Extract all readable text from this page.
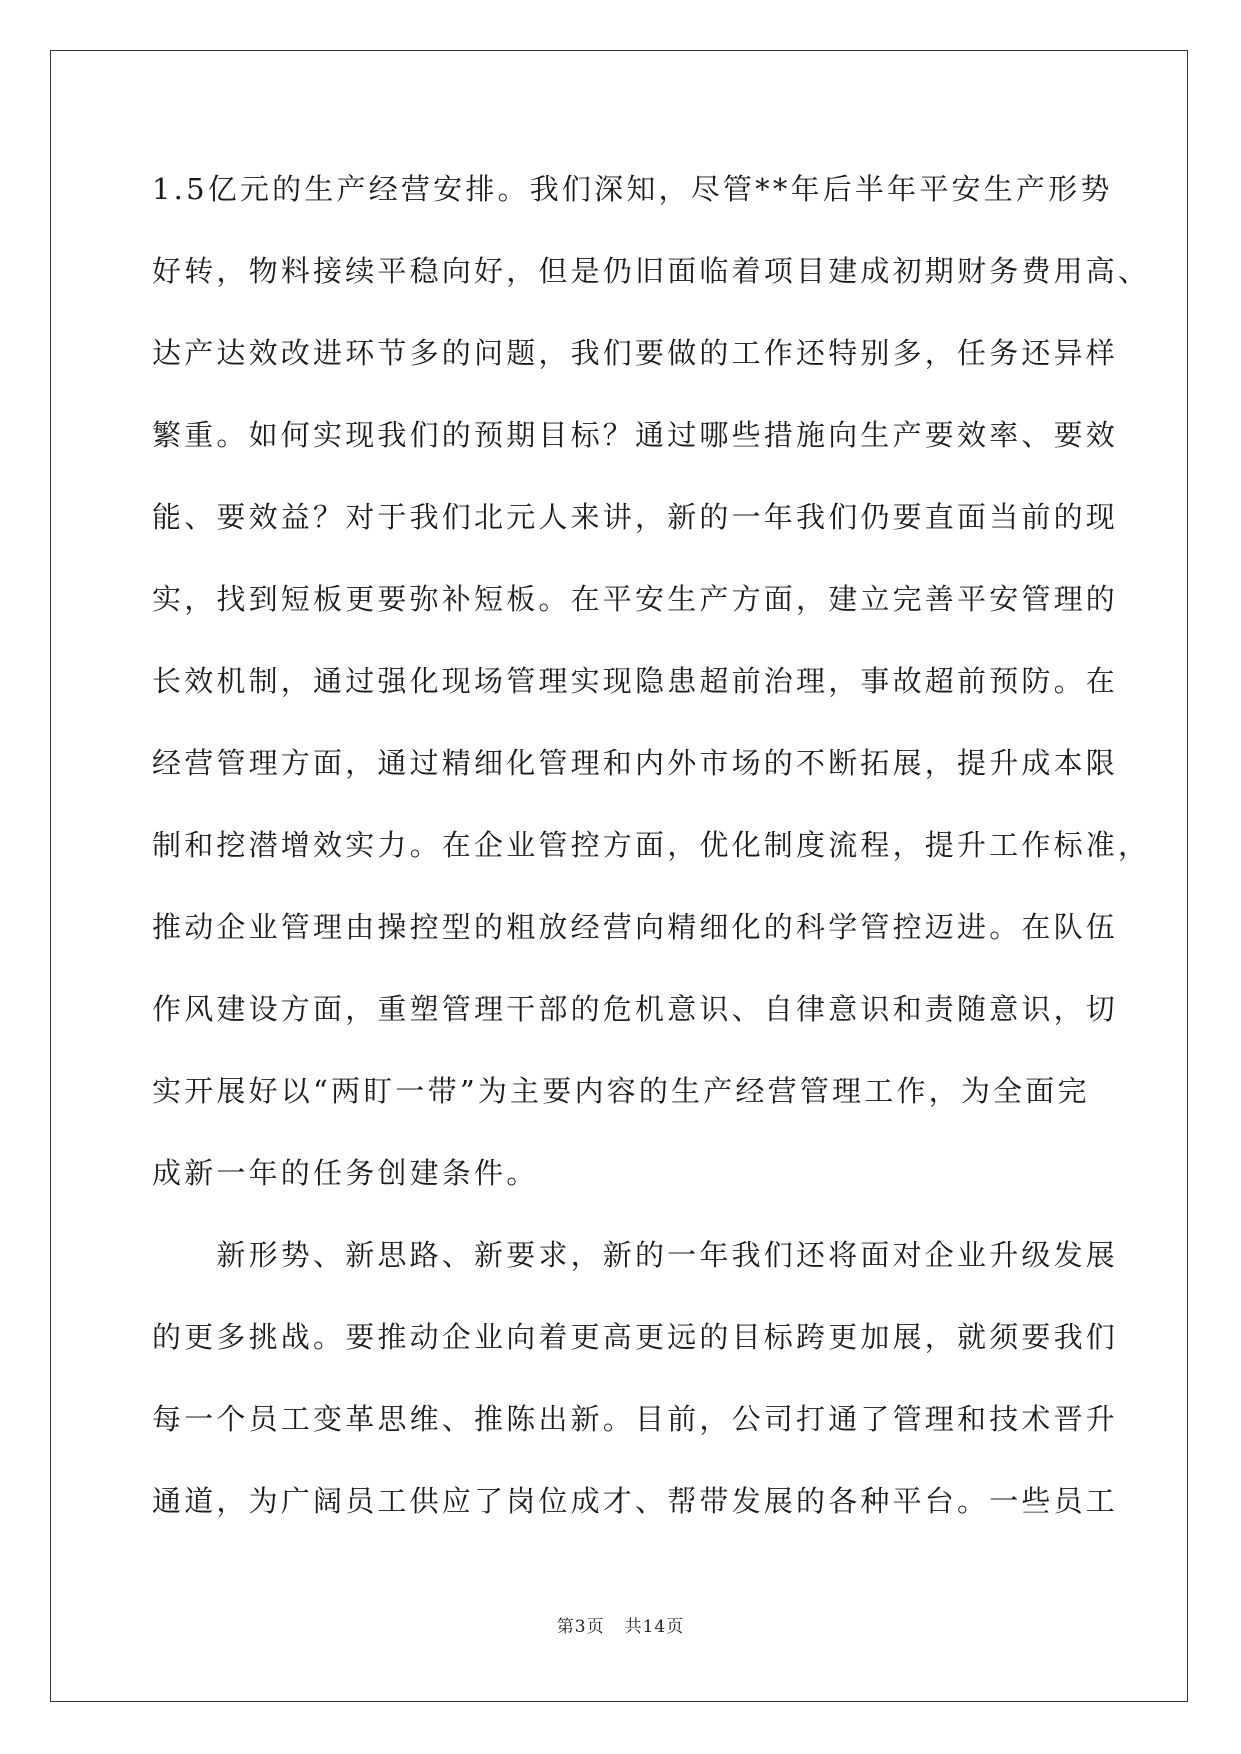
1.5亿元的生产经营安排。我们深知，尽管**年后半年平安生产形势
好转，物料接续平稳向好，但是仍旧面临着项目建成初期财务费用高、
达产达效改进环节多的问题，我们要做的工作还特别多，任务还异样
繁重。如何实现我们的预期目标？通过哪些措施向生产要效率、要效
能、要效益？对于我们北元人来讲，新的一年我们仍要直面当前的现
实，找到短板更要弥补短板。在平安生产方面，建立完善平安管理的
长效机制，通过强化现场管理实现隐患超前治理，事故超前预防。在
经营管理方面，通过精细化管理和内外市场的不断拓展，提升成本限
制和挖潜增效实力。在企业管控方面，优化制度流程，提升工作标准，
推动企业管理由操控型的粗放经营向精细化的科学管控迈进。在队伍
作风建设方面，重塑管理干部的危机意识、自律意识和责随意识，切
实开展好以“两盯一带”为主要内容的生产经营管理工作，为全面完
成新一年的任务创建条件。
　　新形势、新思路、新要求，新的一年我们还将面对企业升级发展
的更多挑战。要推动企业向着更高更远的目标跨更加展，就须要我们
每一个员工变革思维、推陈出新。目前，公司打通了管理和技术晋升
通道，为广阔员工供应了岗位成才、帮带发展的各种平台。一些员工
第3页 共14页
